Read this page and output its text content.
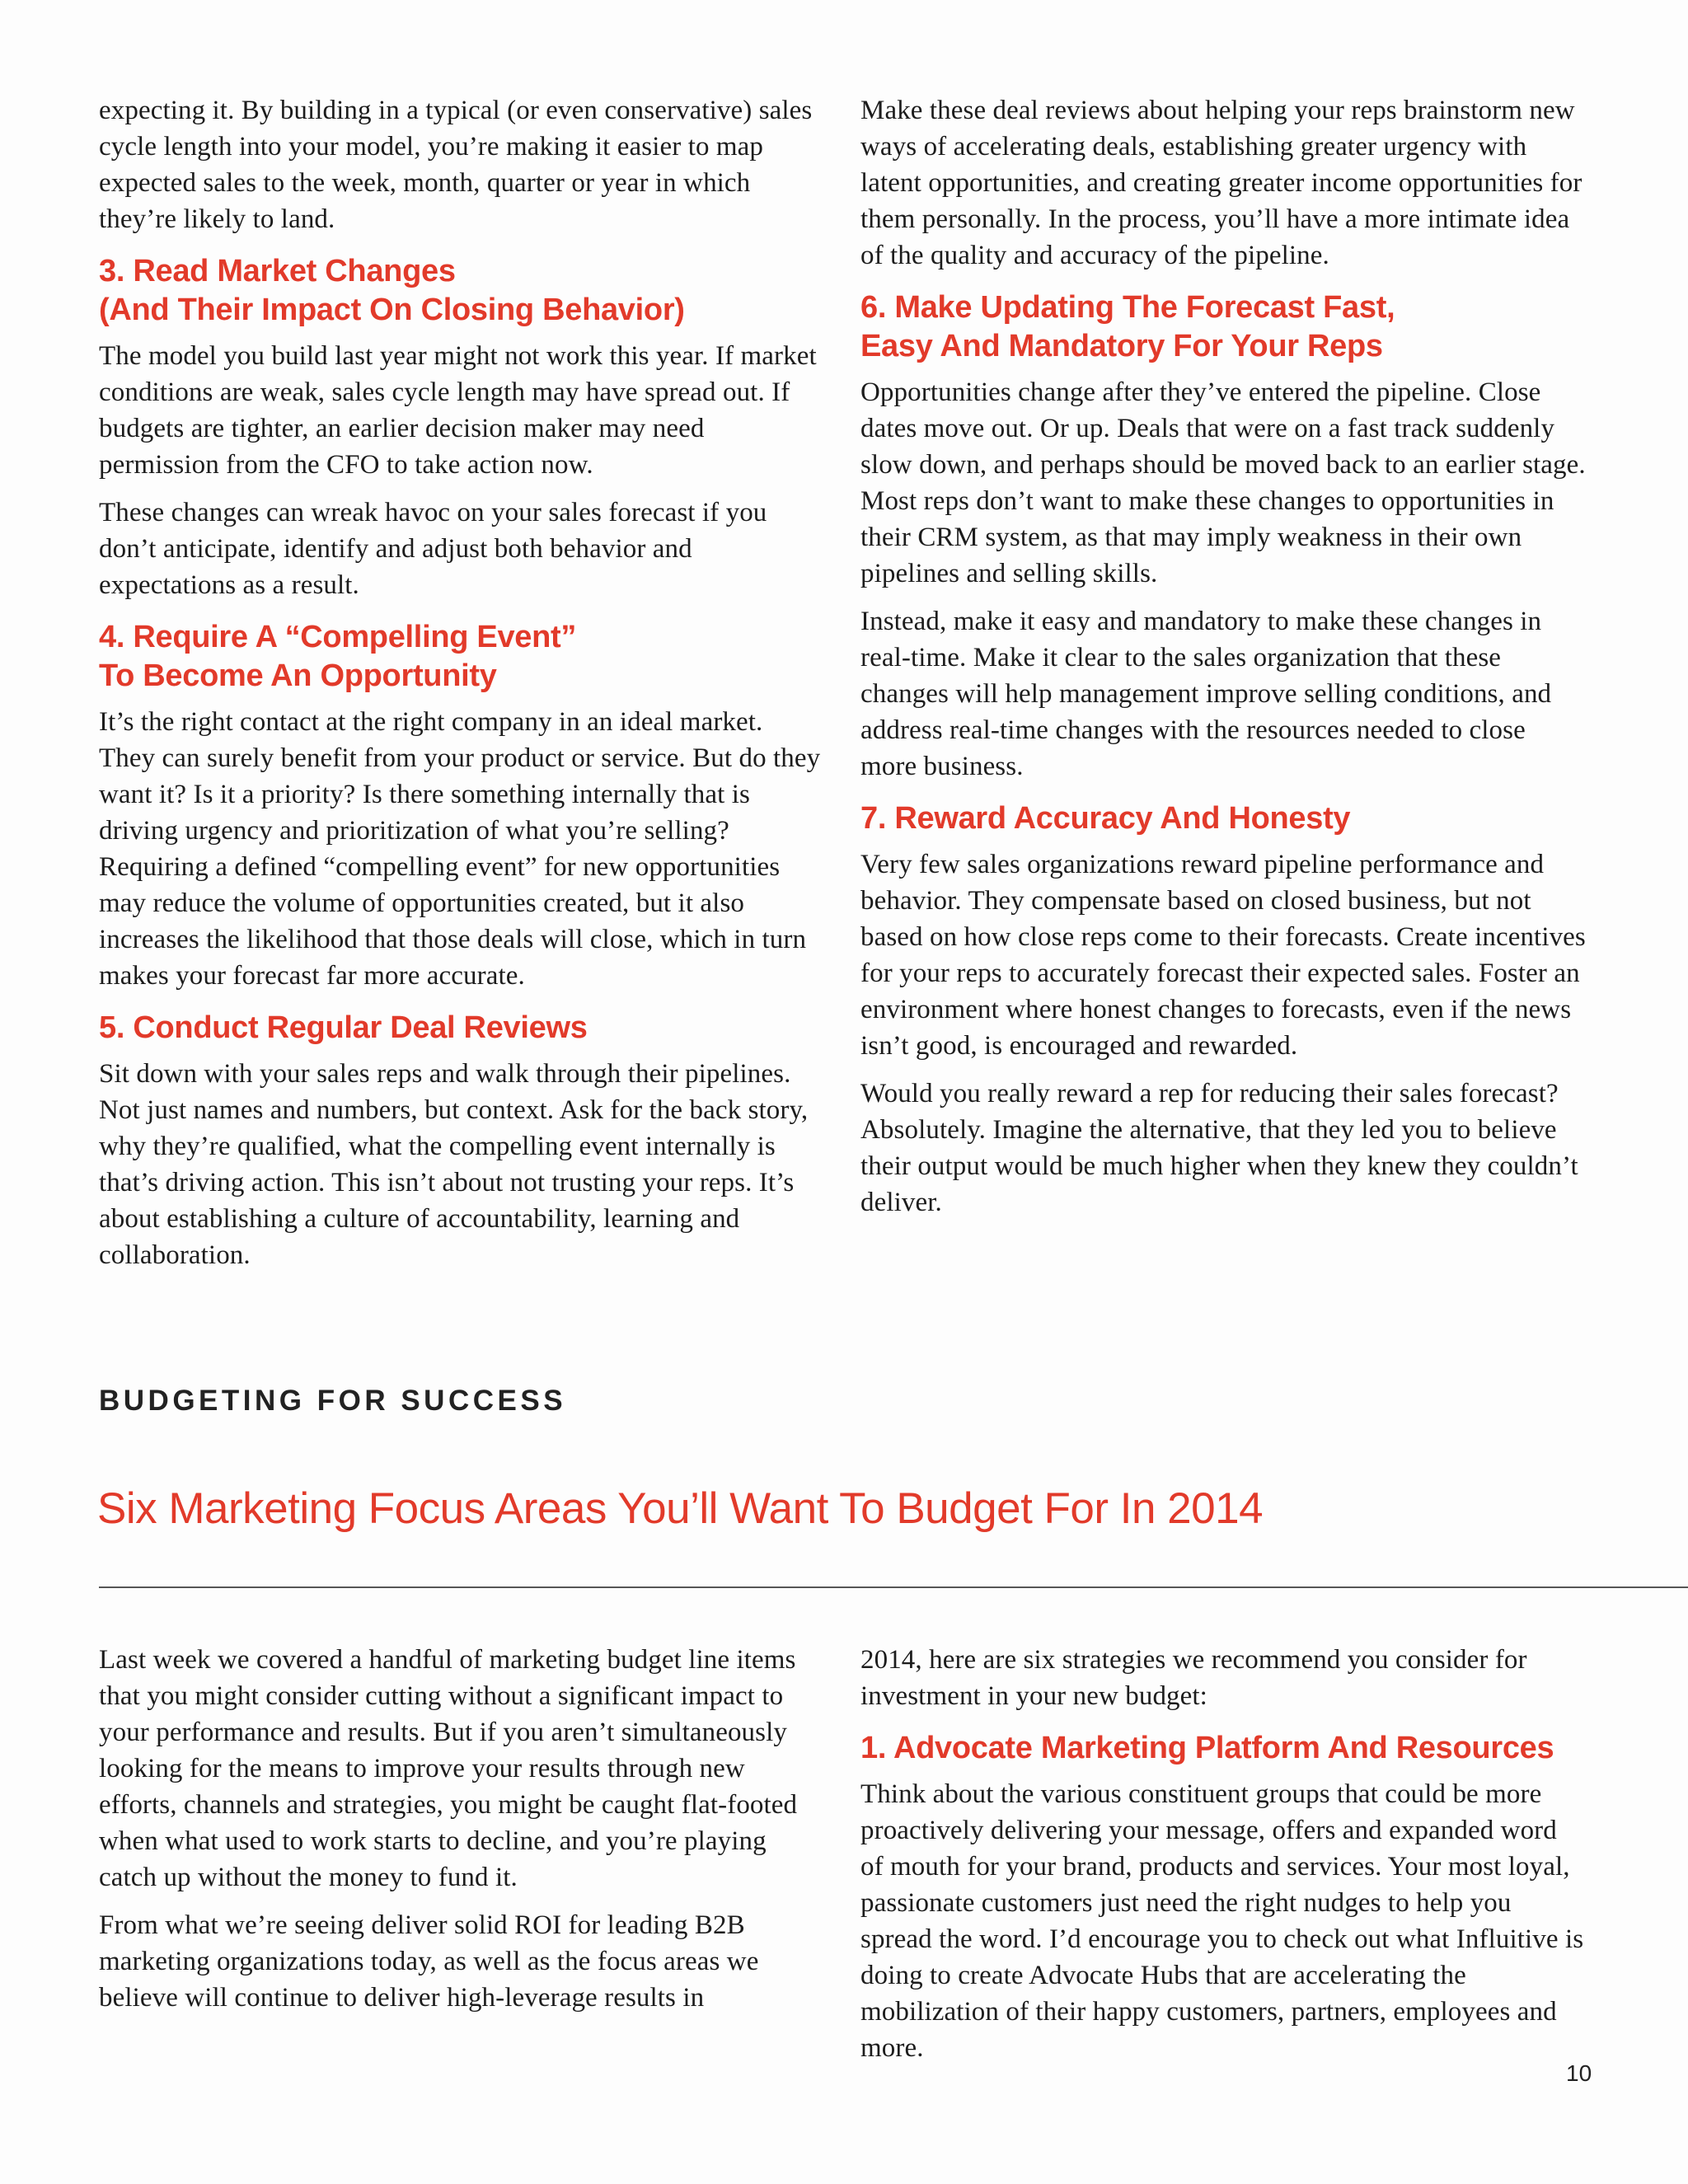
expecting it. By building in a typical (or even conservative) sales cycle length into your model, you’re making it easier to map expected sales to the week, month, quarter or year in which they’re likely to land.

3. Read Market Changes
(And Their Impact On Closing Behavior)

The model you build last year might not work this year. If market conditions are weak, sales cycle length may have spread out. If budgets are tighter, an earlier decision maker may need permission from the CFO to take action now.

These changes can wreak havoc on your sales forecast if you don’t anticipate, identify and adjust both behavior and expectations as a result.

4. Require A “Compelling Event”
To Become An Opportunity

It’s the right contact at the right company in an ideal market. They can surely benefit from your product or service. But do they want it? Is it a priority? Is there something internally that is driving urgency and prioritization of what you’re selling? Requiring a defined “compelling event” for new opportunities may reduce the volume of opportunities created, but it also increases the likelihood that those deals will close, which in turn makes your forecast far more accurate.

5. Conduct Regular Deal Reviews

Sit down with your sales reps and walk through their pipelines. Not just names and numbers, but context. Ask for the back story, why they’re qualified, what the compelling event internally is that’s driving action. This isn’t about not trusting your reps. It’s about establishing a culture of accountability, learning and collaboration.

Make these deal reviews about helping your reps brainstorm new ways of accelerating deals, establishing greater urgency with latent opportunities, and creating greater income opportunities for them personally. In the process, you’ll have a more intimate idea of the quality and accuracy of the pipeline.

6. Make Updating The Forecast Fast,
Easy And Mandatory For Your Reps

Opportunities change after they’ve entered the pipeline. Close dates move out. Or up. Deals that were on a fast track suddenly slow down, and perhaps should be moved back to an earlier stage. Most reps don’t want to make these changes to opportunities in their CRM system, as that may imply weakness in their own pipelines and selling skills.

Instead, make it easy and mandatory to make these changes in real-time. Make it clear to the sales organization that these changes will help management improve selling conditions, and address real-time changes with the resources needed to close more business.

7. Reward Accuracy And Honesty

Very few sales organizations reward pipeline performance and behavior. They compensate based on closed business, but not based on how close reps come to their forecasts. Create incentives for your reps to accurately forecast their expected sales. Foster an environment where honest changes to forecasts, even if the news isn’t good, is encouraged and rewarded.

Would you really reward a rep for reducing their sales forecast? Absolutely. Imagine the alternative, that they led you to believe their output would be much higher when they knew they couldn’t deliver.

BUDGETING FOR SUCCESS
Six Marketing Focus Areas You’ll Want To Budget For In 2014

Last week we covered a handful of marketing budget line items that you might consider cutting without a significant impact to your performance and results. But if you aren’t simultaneously looking for the means to improve your results through new efforts, channels and strategies, you might be caught flat-footed when what used to work starts to decline, and you’re playing catch up without the money to fund it.

From what we’re seeing deliver solid ROI for leading B2B marketing organizations today, as well as the focus areas we believe will continue to deliver high-leverage results in

2014, here are six strategies we recommend you consider for investment in your new budget:

1. Advocate Marketing Platform And Resources

Think about the various constituent groups that could be more proactively delivering your message, offers and expanded word of mouth for your brand, products and services. Your most loyal, passionate customers just need the right nudges to help you spread the word. I’d encourage you to check out what Influitive is doing to create Advocate Hubs that are accelerating the mobilization of their happy customers, partners, employees and more.

10
